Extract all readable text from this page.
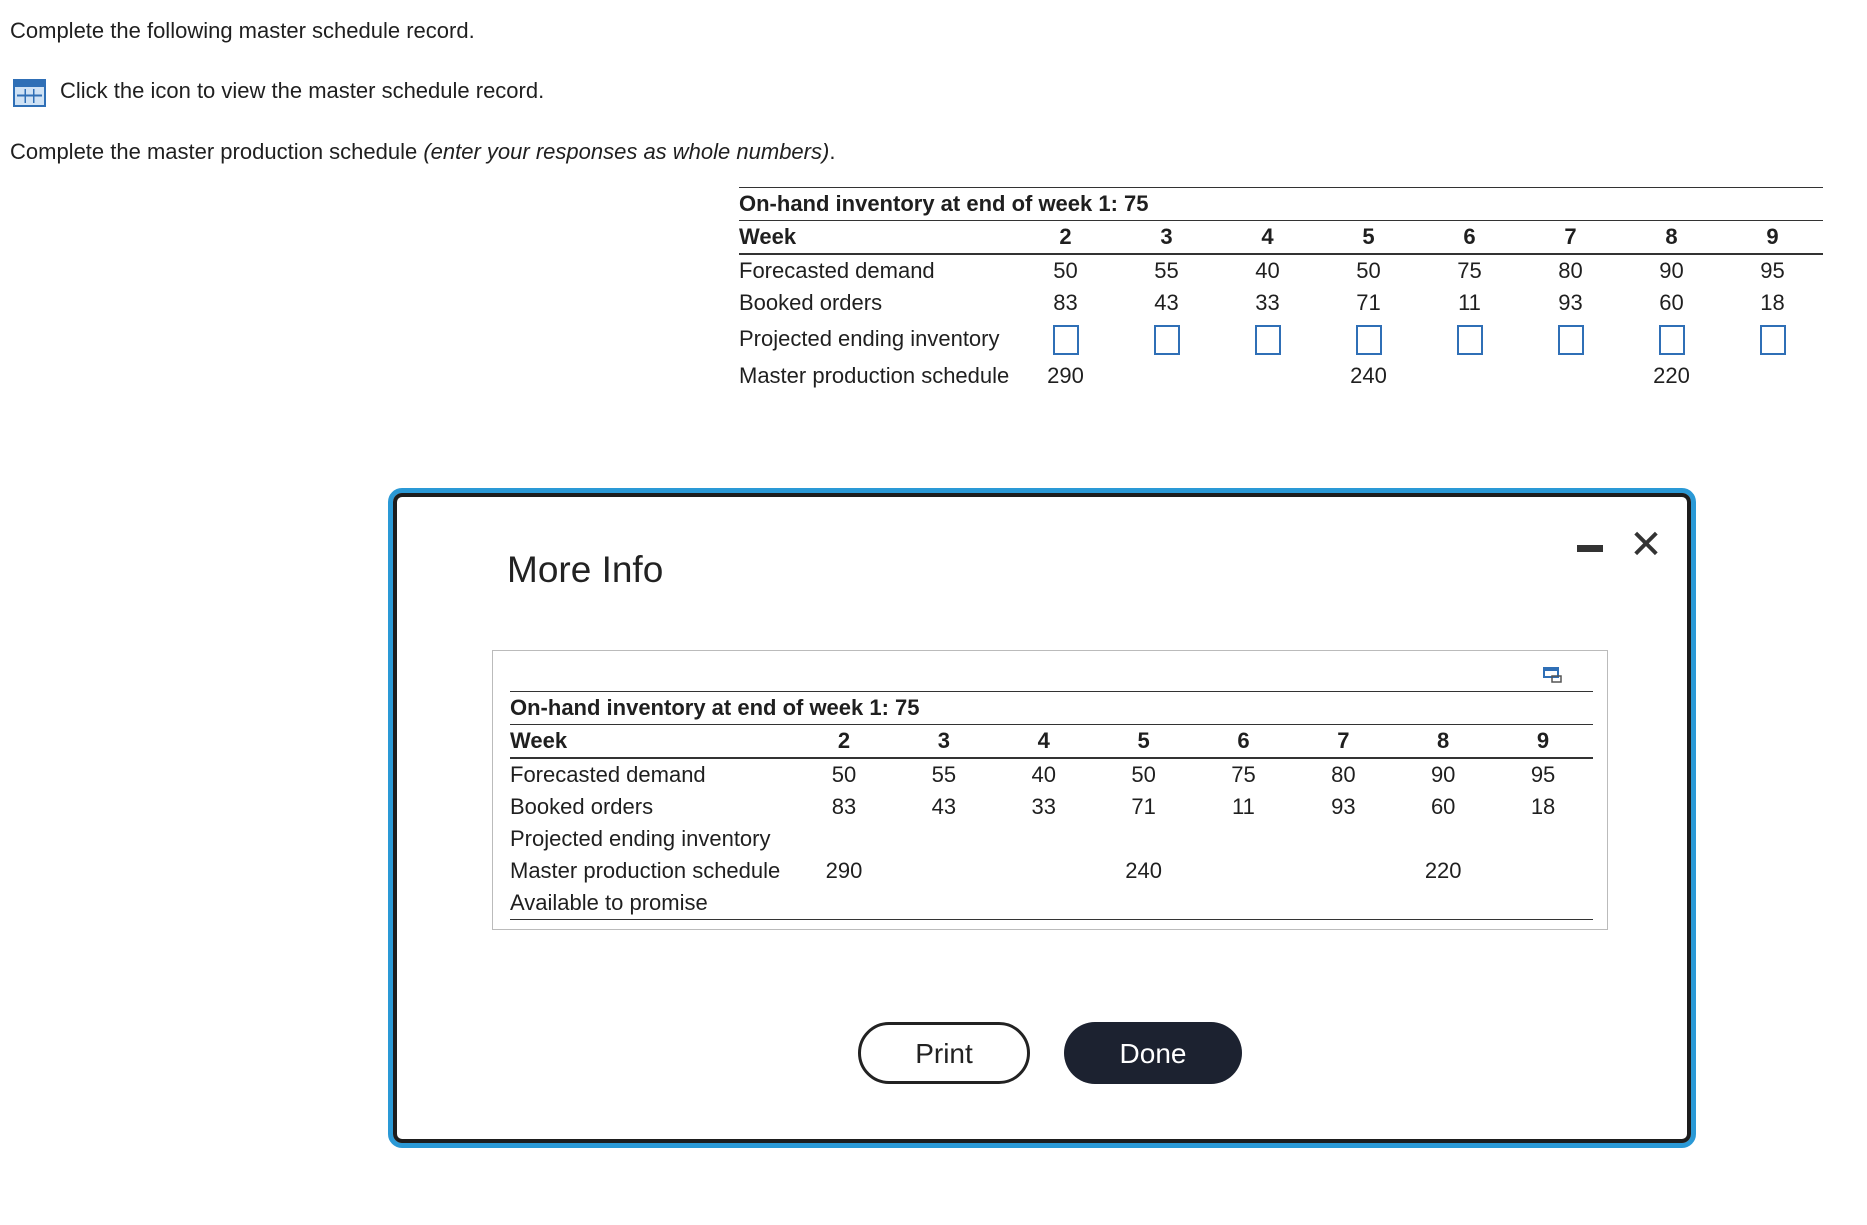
Complete the following master schedule record.
Click the icon to view the master schedule record.
Complete the master production schedule (enter your responses as whole numbers).
On-hand inventory at end of week 1: 75								
Week	2	3	4	5	6	7	8	9
Forecasted demand	50	55	40	50	75	80	90	95
Booked orders	83	43	33	71	11	93	60	18
Projected ending inventory								
Master production schedule	290			240			220	
More Info
✕
On-hand inventory at end of week 1: 75								
Week	2	3	4	5	6	7	8	9
Forecasted demand	50	55	40	50	75	80	90	95
Booked orders	83	43	33	71	11	93	60	18
Projected ending inventory								
Master production schedule	290			240			220	
Available to promise								
Print	Done
